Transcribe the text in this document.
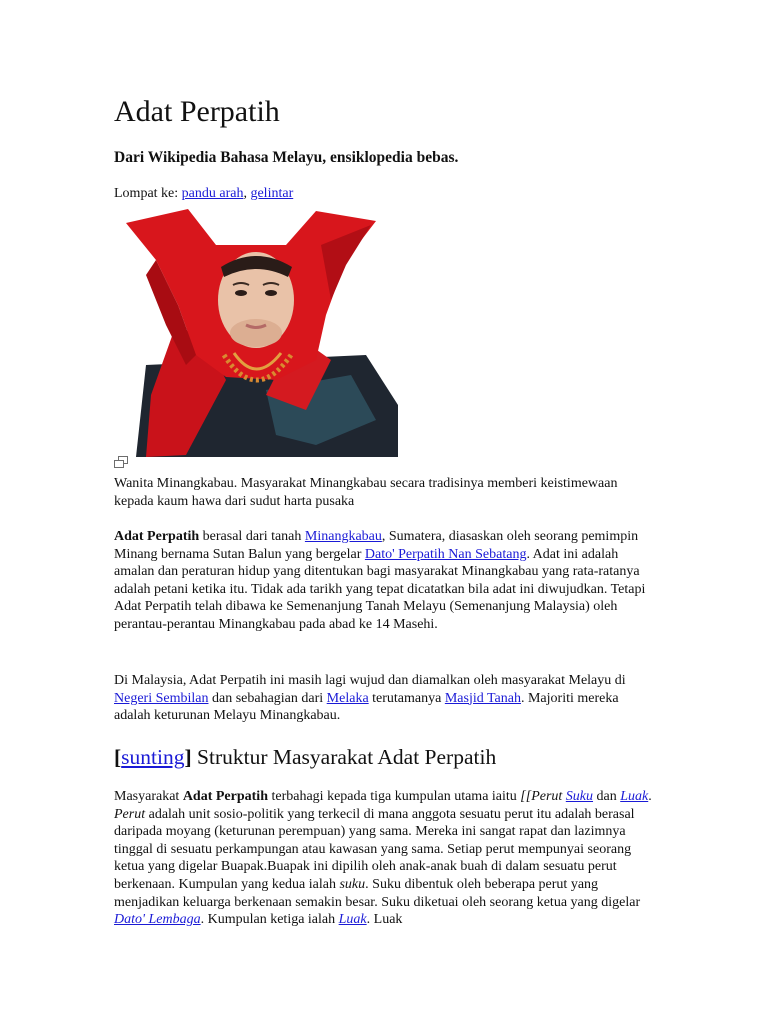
Adat Perpatih
Dari Wikipedia Bahasa Melayu, ensiklopedia bebas.
Lompat ke: pandu arah, gelintar
Wanita Minangkabau. Masyarakat Minangkabau secara tradisinya memberi keistimewaan kepada kaum hawa dari sudut harta pusaka
Adat Perpatih berasal dari tanah Minangkabau, Sumatera, diasaskan oleh seorang pemimpin Minang bernama Sutan Balun yang bergelar Dato' Perpatih Nan Sebatang. Adat ini adalah amalan dan peraturan hidup yang ditentukan bagi masyarakat Minangkabau yang rata-ratanya adalah petani ketika itu. Tidak ada tarikh yang tepat dicatatkan bila adat ini diwujudkan. Tetapi Adat Perpatih telah dibawa ke Semenanjung Tanah Melayu (Semenanjung Malaysia) oleh perantau-perantau Minangkabau pada abad ke 14 Masehi.
Di Malaysia, Adat Perpatih ini masih lagi wujud dan diamalkan oleh masyarakat Melayu di Negeri Sembilan dan sebahagian dari Melaka terutamanya Masjid Tanah. Majoriti mereka adalah keturunan Melayu Minangkabau.
[sunting] Struktur Masyarakat Adat Perpatih
Masyarakat Adat Perpatih terbahagi kepada tiga kumpulan utama iaitu [[Perut Suku dan Luak. Perut adalah unit sosio-politik yang terkecil di mana anggota sesuatu perut itu adalah berasal daripada moyang (keturunan perempuan) yang sama. Mereka ini sangat rapat dan lazimnya tinggal di sesuatu perkampungan atau kawasan yang sama. Setiap perut mempunyai seorang ketua yang digelar Buapak.Buapak ini dipilih oleh anak-anak buah di dalam sesuatu perut berkenaan. Kumpulan yang kedua ialah suku. Suku dibentuk oleh beberapa perut yang menjadikan keluarga berkenaan semakin besar. Suku diketuai oleh seorang ketua yang digelar Dato' Lembaga. Kumpulan ketiga ialah Luak. Luak
